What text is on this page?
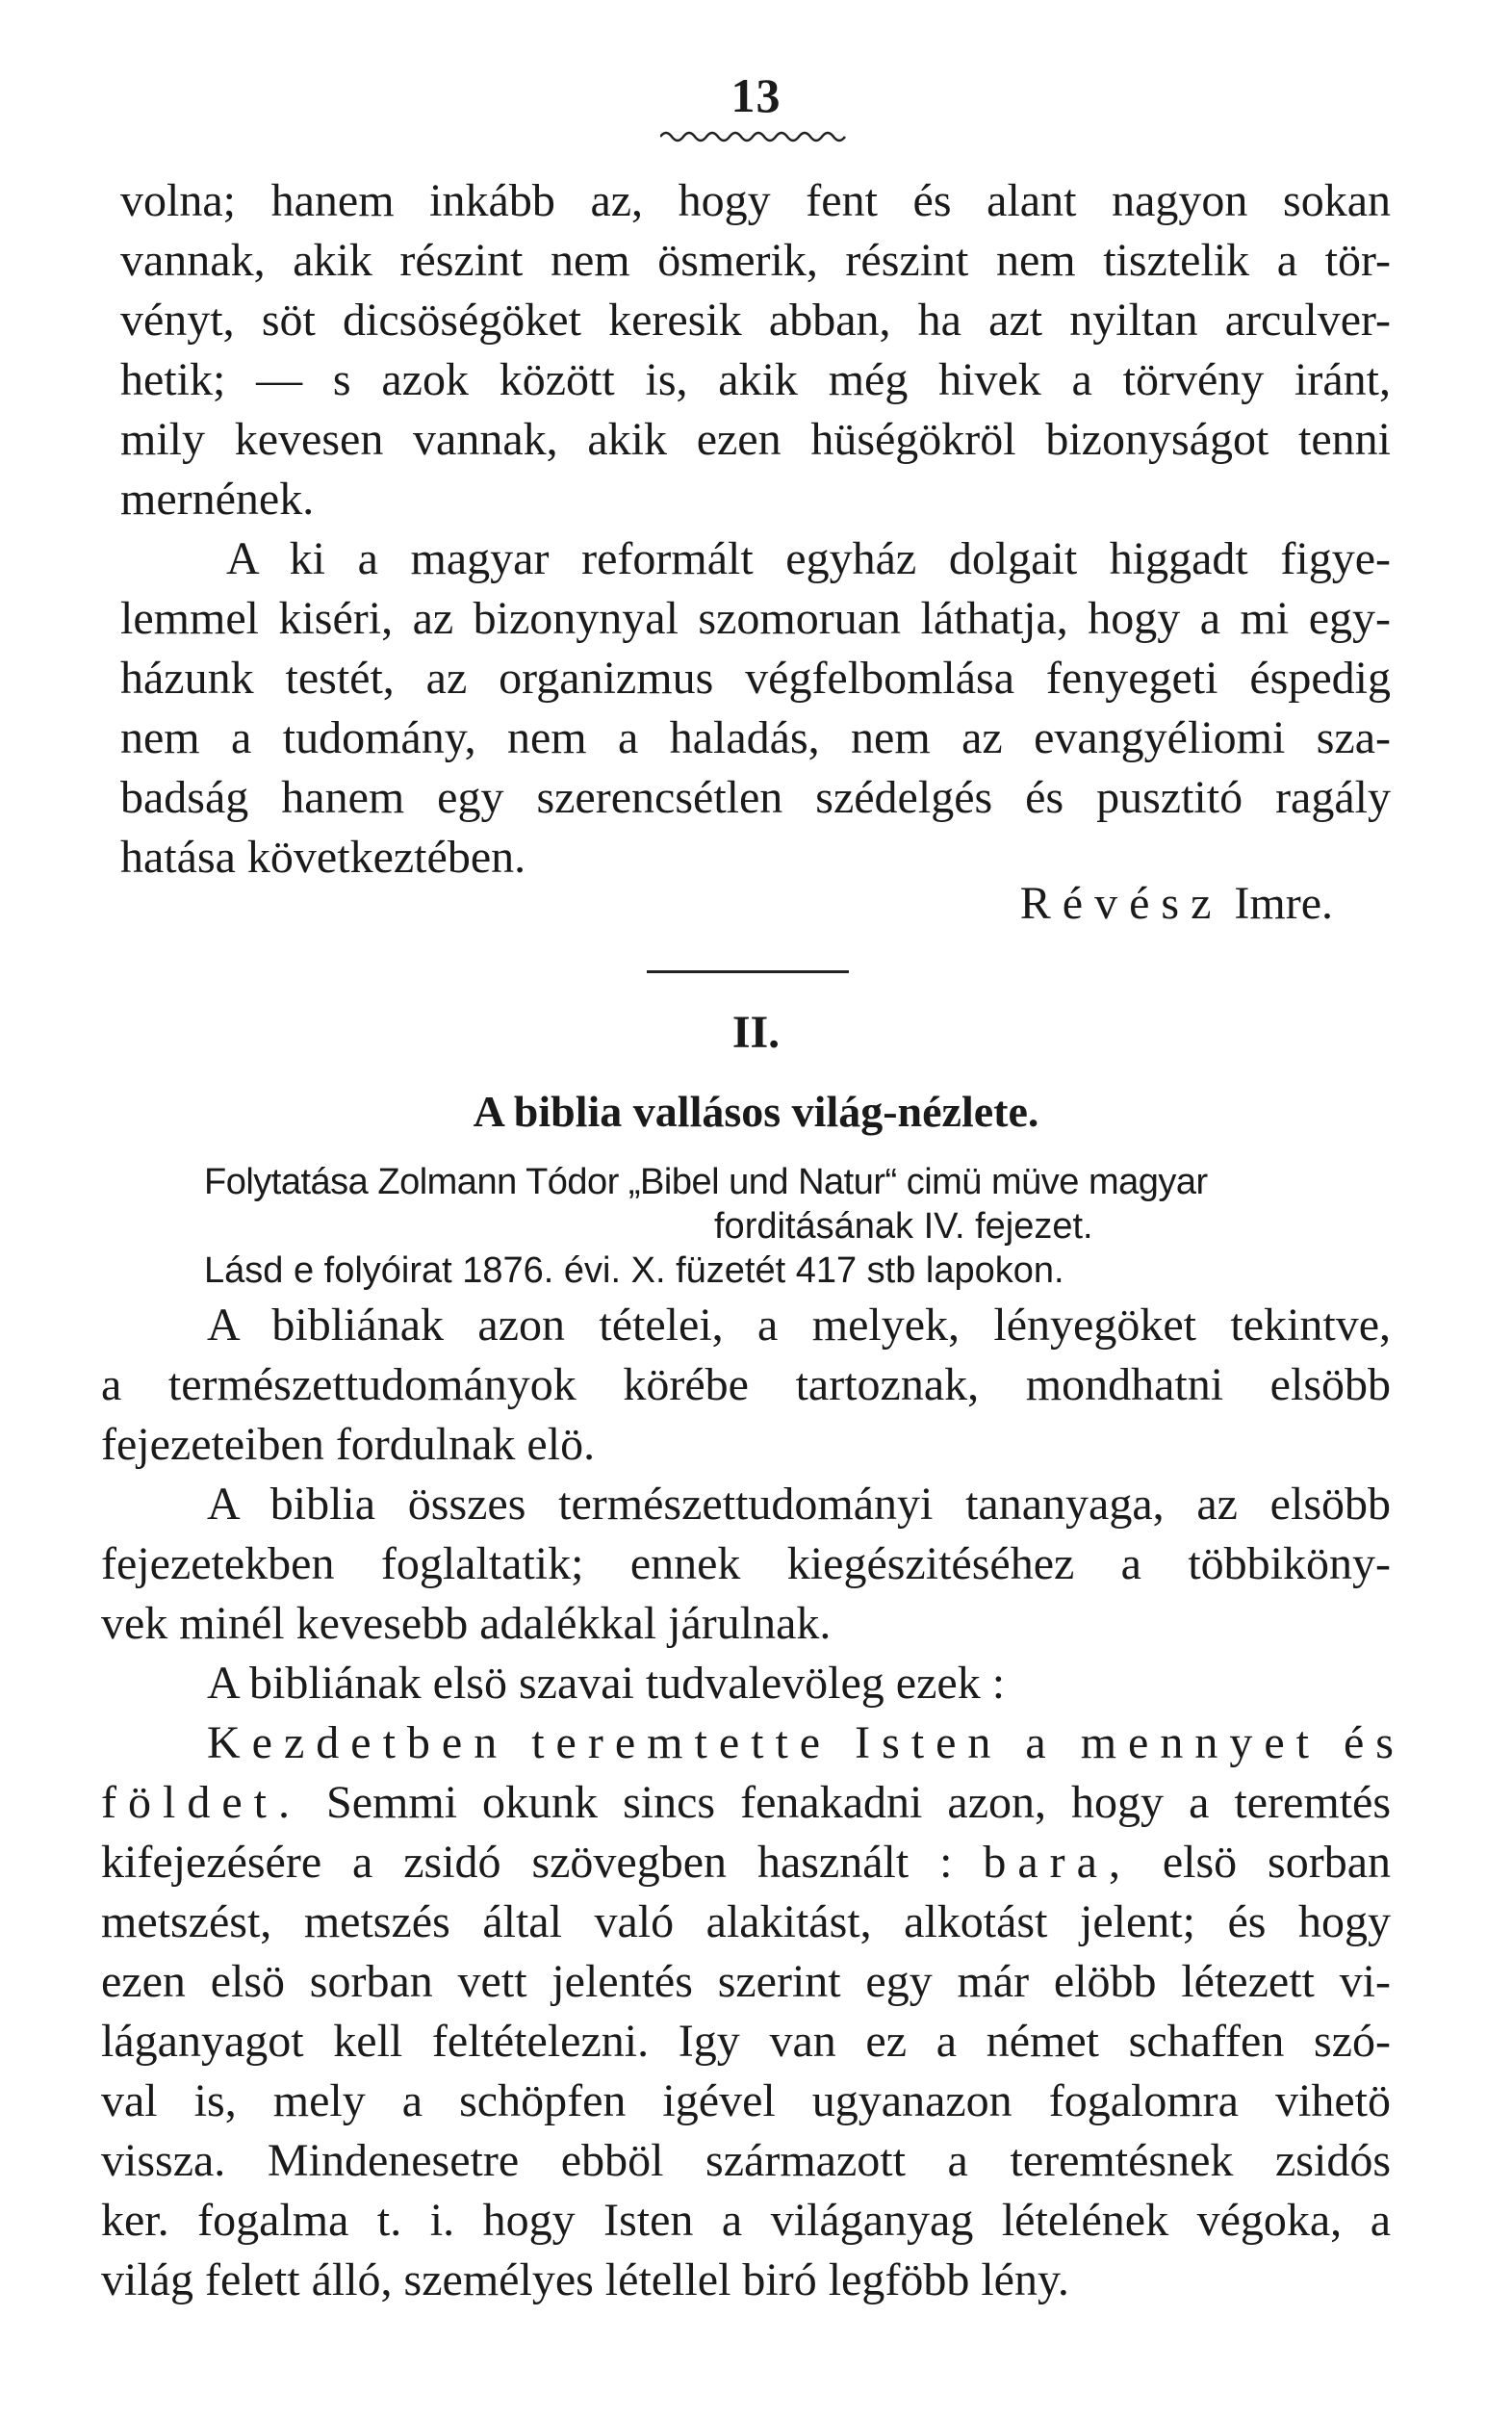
13
volna; hanem inkább az, hogy fent és alant nagyon sokan
vannak, akik részint nem ösmerik, részint nem tisztelik a tör-
vényt, söt dicsöségöket keresik abban, ha azt nyiltan arculver-
hetik; — s azok között is, akik még hivek a törvény iránt,
mily kevesen vannak, akik ezen hüségökröl bizonyságot tenni
mernének.
A ki a magyar reformált egyház dolgait higgadt figye-
lemmel kiséri, az bizonynyal szomoruan láthatja, hogy a mi egy-
házunk testét, az organizmus végfelbomlása fenyegeti éspedig
nem a tudomány, nem a haladás, nem az evangyéliomi sza-
badság hanem egy szerencsétlen szédelgés és pusztitó ragály
hatása következtében.
Révész Imre.
II.
A biblia vallásos világ-nézlete.
Folytatása Zolmann Tódor „Bibel und Natur“ cimü müve magyar
forditásának IV. fejezet.
Lásd e folyóirat 1876. évi. X. füzetét 417 stb lapokon.
A bibliának azon tételei, a melyek, lényegöket tekintve,
a természettudományok körébe tartoznak, mondhatni elsöbb
fejezeteiben fordulnak elö.
A biblia összes természettudományi tananyaga, az elsöbb
fejezetekben foglaltatik; ennek kiegészitéséhez a többiköny-
vek minél kevesebb adalékkal járulnak.
A bibliának elsö szavai tudvalevöleg ezek :
Kezdetben teremtette Isten a mennyet és
földet. Semmi okunk sincs fenakadni azon, hogy a teremtés
kifejezésére a zsidó szövegben használt : bara, elsö sorban
metszést, metszés által való alakitást, alkotást jelent; és hogy
ezen elsö sorban vett jelentés szerint egy már elöbb létezett vi-
láganyagot kell feltételezni. Igy van ez a német schaffen szó-
val is, mely a schöpfen igével ugyanazon fogalomra vihetö
vissza. Mindenesetre ebböl származott a teremtésnek zsidós
ker. fogalma t. i. hogy Isten a világanyag lételének végoka, a
világ felett álló, személyes létellel biró legföbb lény.
